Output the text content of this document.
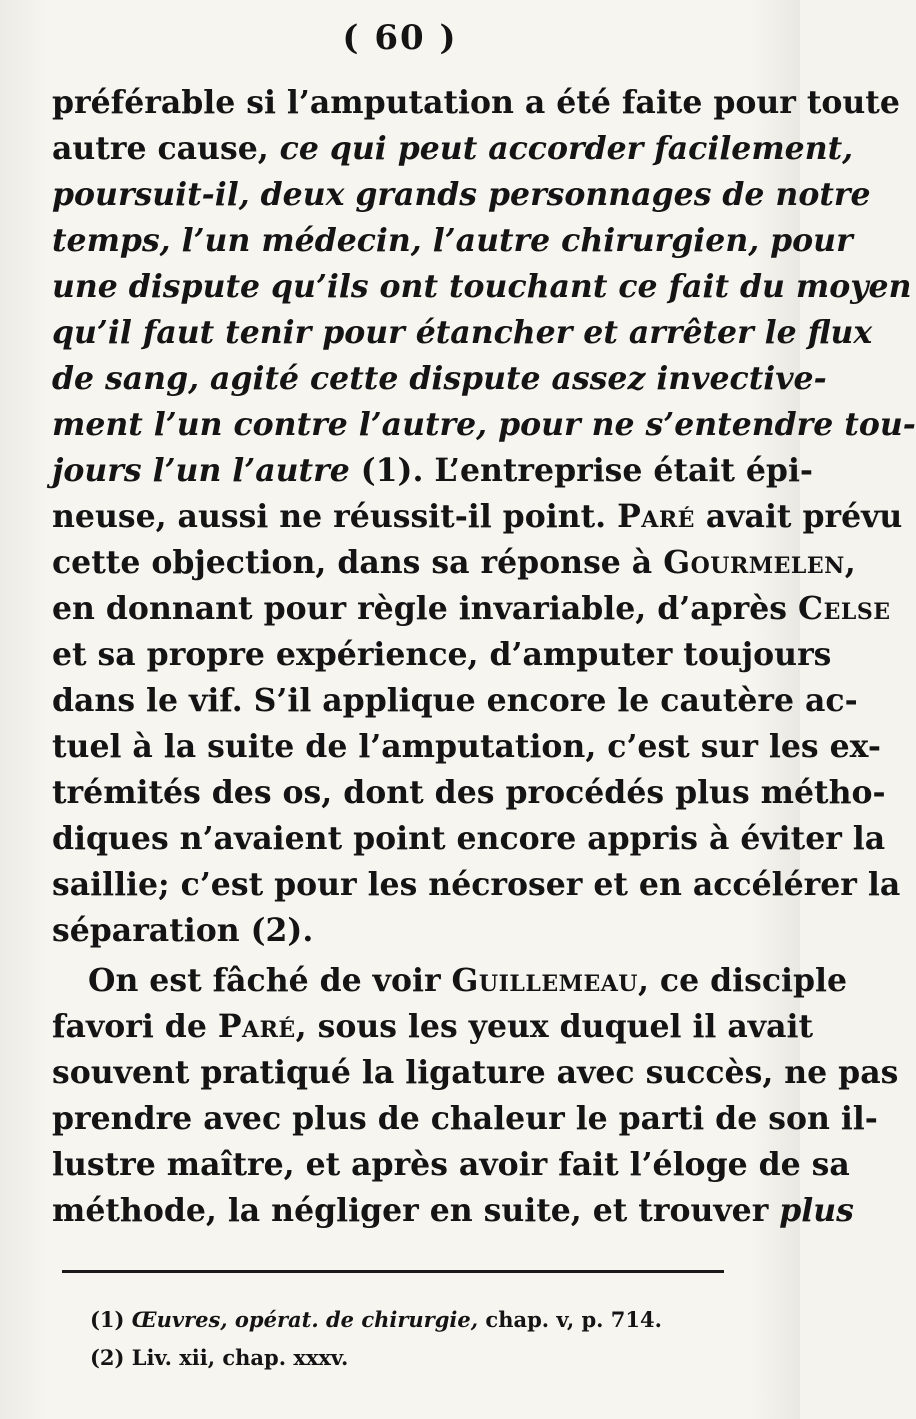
( 60 )
préférable si l’amputation a été faite pour toute
autre cause, ce qui peut accorder facilement,
poursuit-il, deux grands personnages de notre
temps, l’un médecin, l’autre chirurgien, pour
une dispute qu’ils ont touchant ce fait du moyen
qu’il faut tenir pour étancher et arrêter le flux
de sang, agité cette dispute assez invective-
ment l’un contre l’autre, pour ne s’entendre tou-
jours l’un l’autre (1). L’entreprise était épi-
neuse, aussi ne réussit-il point. Paré avait prévu
cette objection, dans sa réponse à Gourmelen,
en donnant pour règle invariable, d’après Celse
et sa propre expérience, d’amputer toujours
dans le vif. S’il applique encore le cautère ac-
tuel à la suite de l’amputation, c’est sur les ex-
trémités des os, dont des procédés plus métho-
diques n’avaient point encore appris à éviter la
saillie; c’est pour les nécroser et en accélérer la
séparation (2).
On est fâché de voir Guillemeau, ce disciple
favori de Paré, sous les yeux duquel il avait
souvent pratiqué la ligature avec succès, ne pas
prendre avec plus de chaleur le parti de son il-
lustre maître, et après avoir fait l’éloge de sa
méthode, la négliger en suite, et trouver plus
(1) Œuvres, opérat. de chirurgie, chap. v, p. 714.
(2) Liv. xii, chap. xxxv.
